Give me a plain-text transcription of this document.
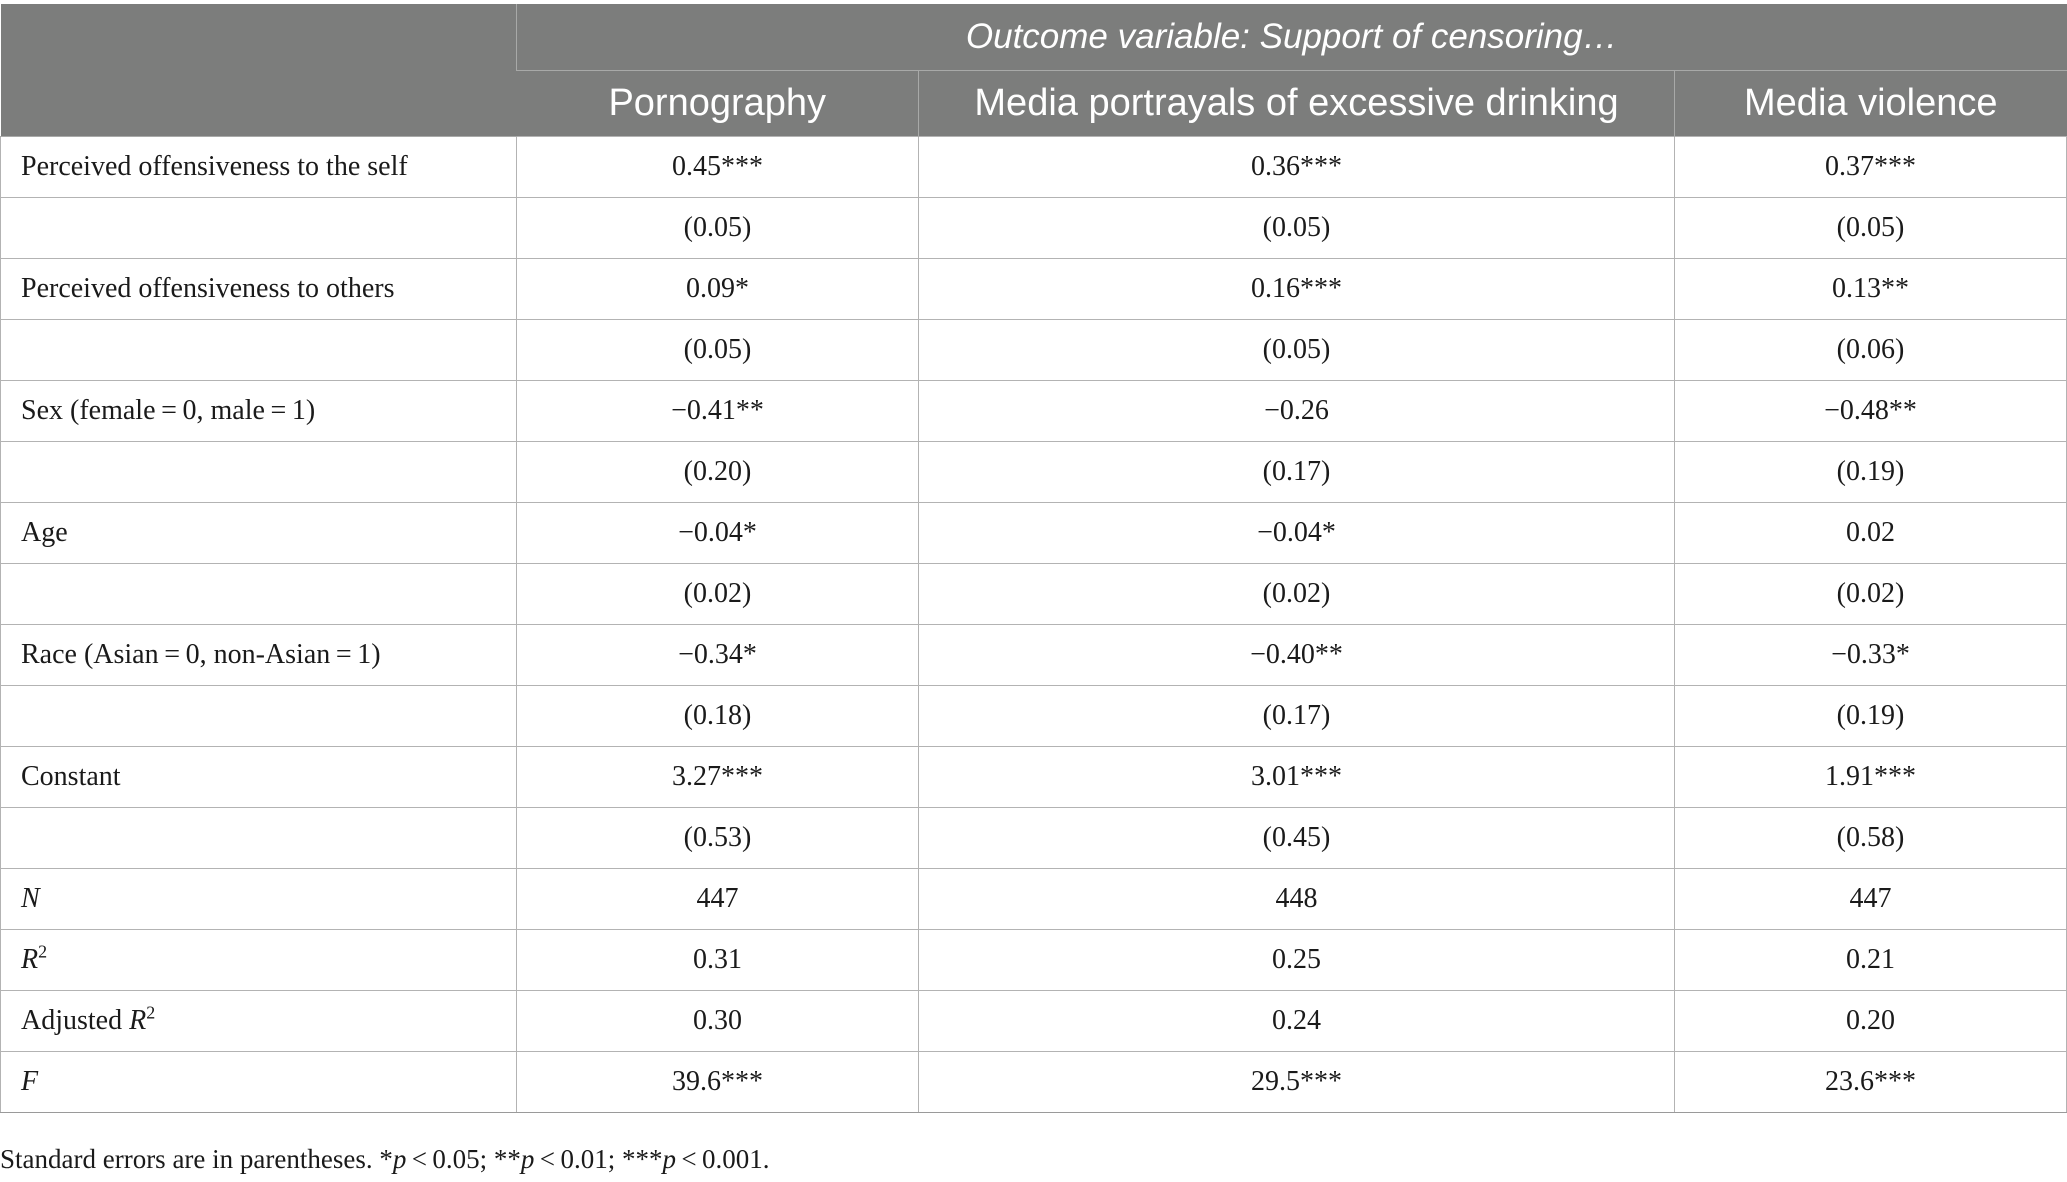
	Outcome variable: Support of censoring…		
	Pornography	Media portrayals of excessive drinking	Media violence
Perceived offensiveness to the self	0.45***	0.36***	0.37***
	(0.05)	(0.05)	(0.05)
Perceived offensiveness to others	0.09*	0.16***	0.13**
	(0.05)	(0.05)	(0.06)
Sex (female = 0, male = 1)	−0.41**	−0.26	−0.48**
	(0.20)	(0.17)	(0.19)
Age	−0.04*	−0.04*	0.02
	(0.02)	(0.02)	(0.02)
Race (Asian = 0, non-Asian = 1)	−0.34*	−0.40**	−0.33*
	(0.18)	(0.17)	(0.19)
Constant	3.27***	3.01***	1.91***
	(0.53)	(0.45)	(0.58)
N	447	448	447
$R^2$	0.31	0.25	0.21
Adjusted $R^2$	0.30	0.24	0.20
F	39.6***	29.5***	23.6***
Standard errors are in parentheses. *p < 0.05; **p < 0.01; ***p < 0.001.
